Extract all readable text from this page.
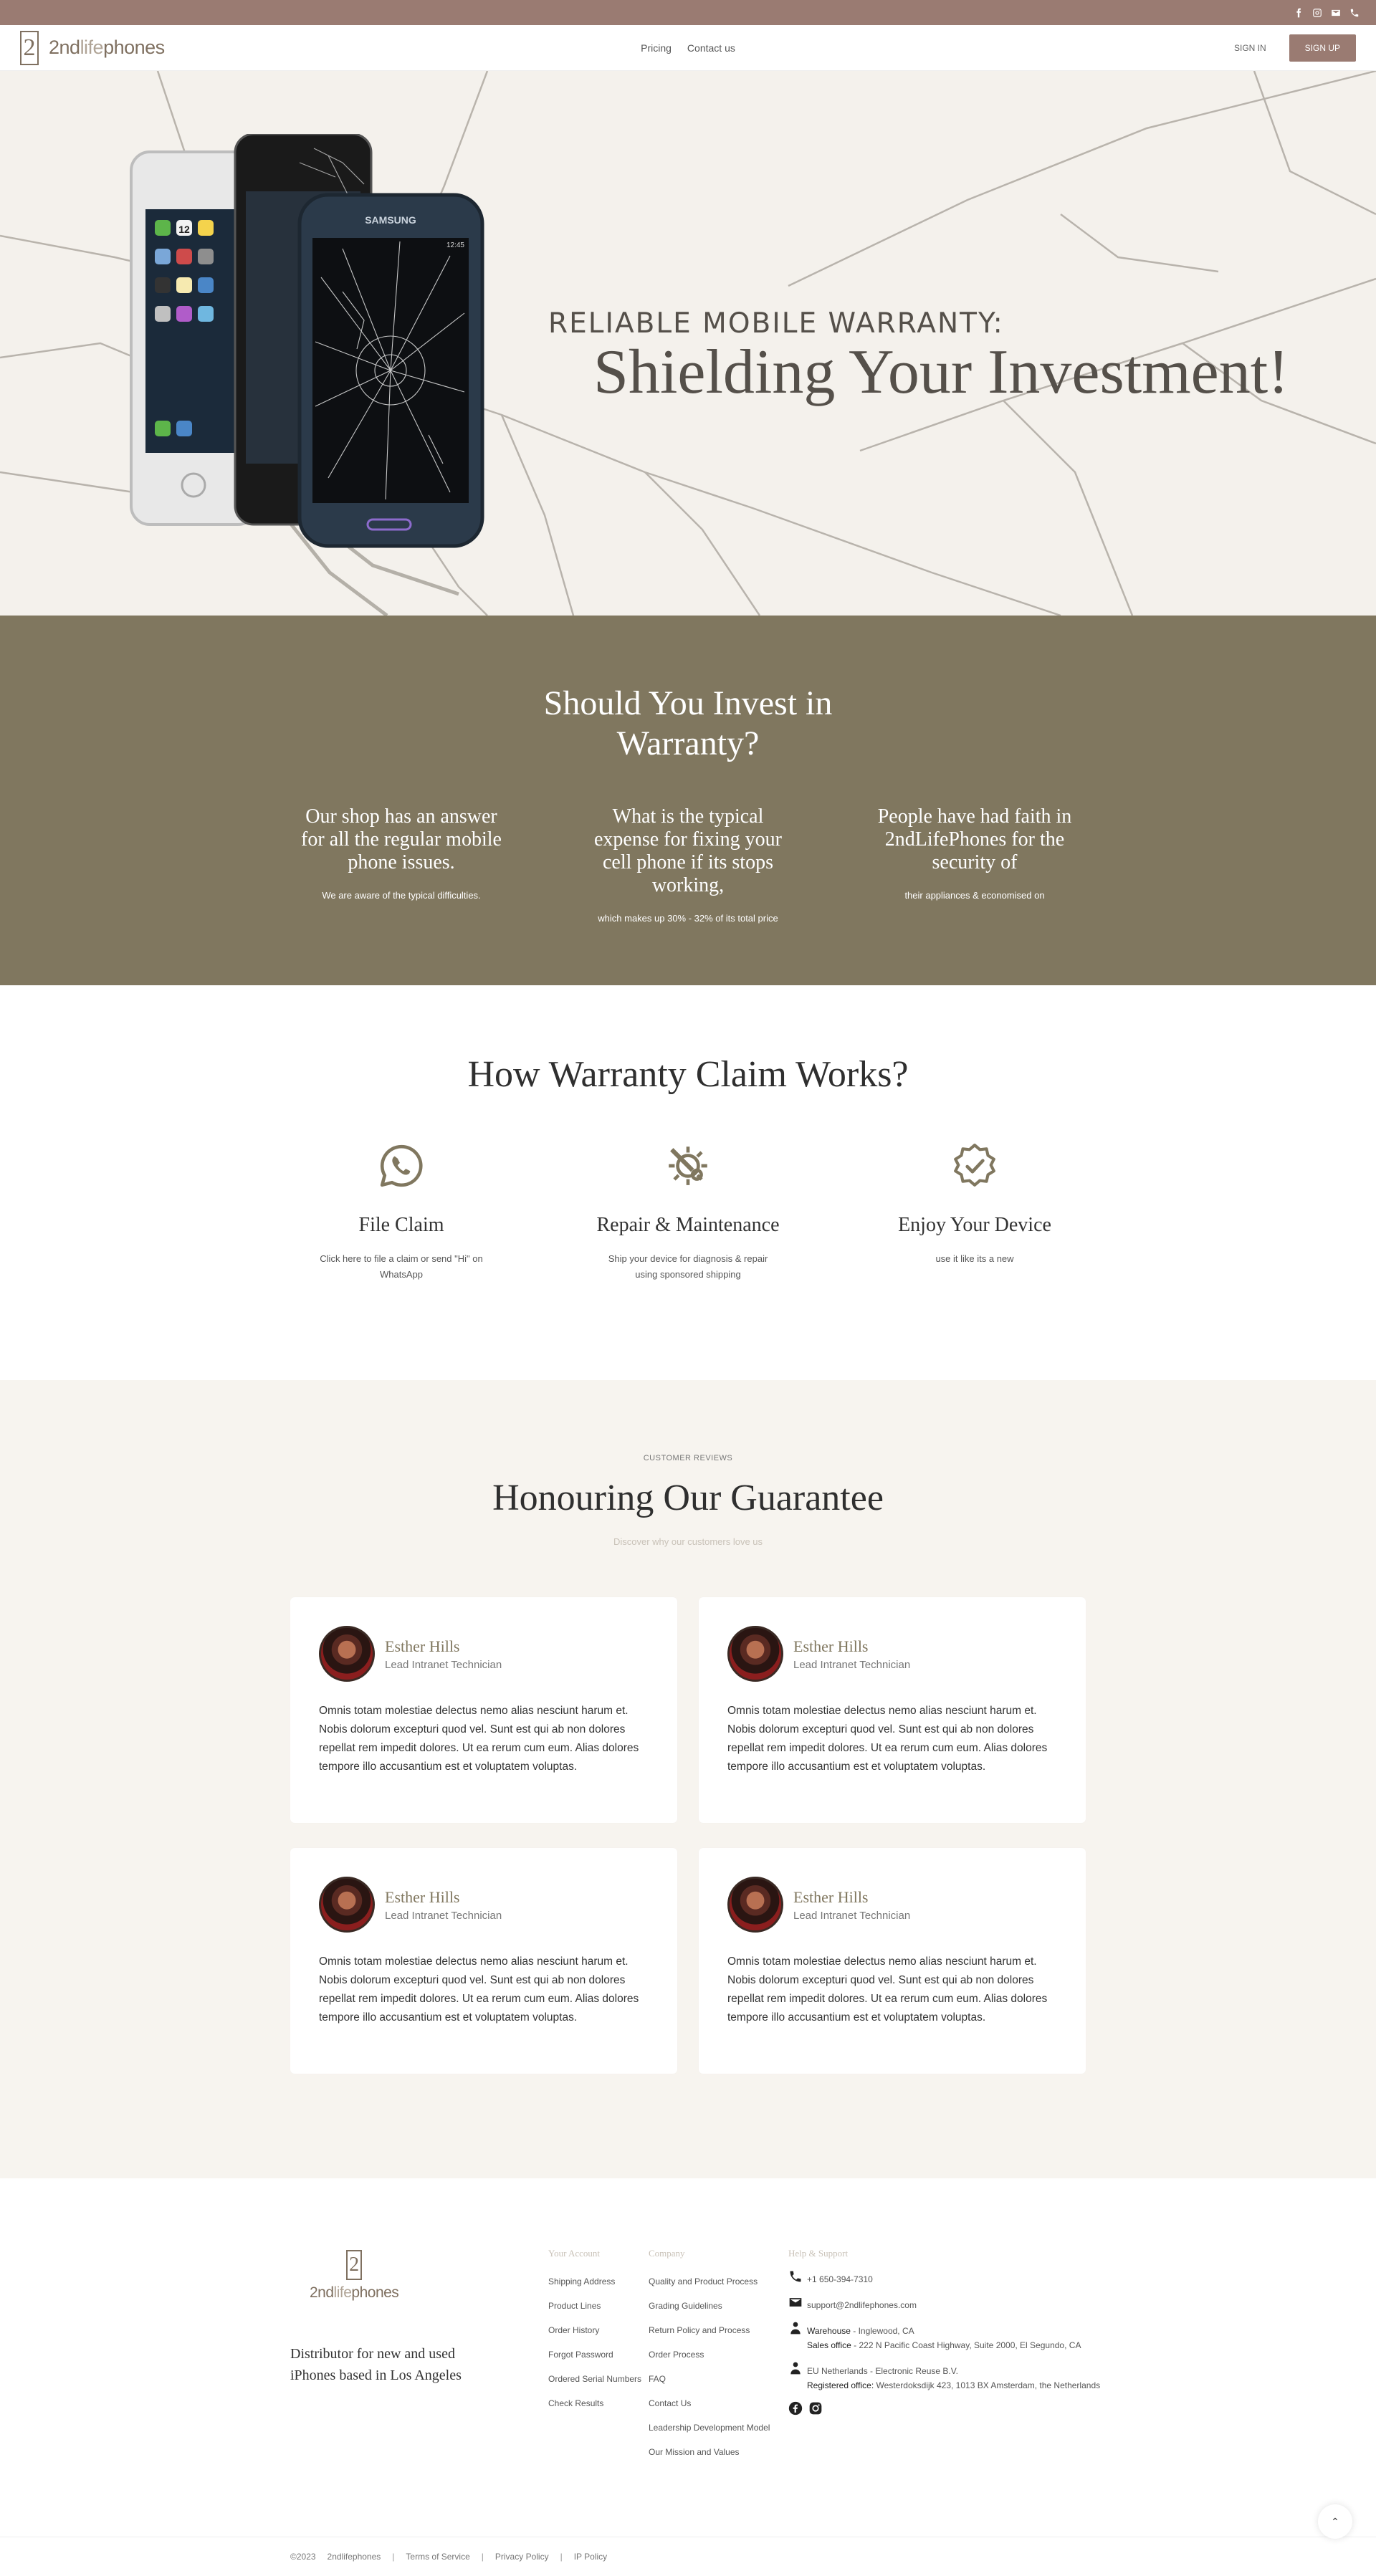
2 2ndlifephones	Pricing Contact us	SIGN IN	SIGN UP
12
SAMSUNG
12:45
RELIABLE MOBILE WARRANTY:
Shielding Your Investment!
Should You Invest in Warranty?
Our shop has an answer for all the regular mobile phone issues.

We are aware of the typical difficulties.

What is the typical expense for fixing your cell phone if its stops working,

which makes up 30% - 32% of its total price

People have had faith in 2ndLifePhones for the security of

their appliances & economised on

How Warranty Claim Works?
File Claim

Click here to file a claim or send "Hi" on WhatsApp

Repair & Maintenance

Ship your device for diagnosis & repair using sponsored shipping

Enjoy Your Device

use it like its a new

CUSTOMER REVIEWS
Honouring Our Guarantee
Discover why our customers love us
Esther Hills
Lead Intranet Technician

Omnis totam molestiae delectus nemo alias nesciunt harum et. Nobis dolorum excepturi quod vel. Sunt est qui ab non dolores repellat rem impedit dolores. Ut ea rerum cum eum. Alias dolores tempore illo accusantium est et voluptatem voluptas.

Esther Hills
Lead Intranet Technician

Omnis totam molestiae delectus nemo alias nesciunt harum et. Nobis dolorum excepturi quod vel. Sunt est qui ab non dolores repellat rem impedit dolores. Ut ea rerum cum eum. Alias dolores tempore illo accusantium est et voluptatem voluptas.

Esther Hills
Lead Intranet Technician

Omnis totam molestiae delectus nemo alias nesciunt harum et. Nobis dolorum excepturi quod vel. Sunt est qui ab non dolores repellat rem impedit dolores. Ut ea rerum cum eum. Alias dolores tempore illo accusantium est et voluptatem voluptas.

Esther Hills
Lead Intranet Technician

Omnis totam molestiae delectus nemo alias nesciunt harum et. Nobis dolorum excepturi quod vel. Sunt est qui ab non dolores repellat rem impedit dolores. Ut ea rerum cum eum. Alias dolores tempore illo accusantium est et voluptatem voluptas.

2
2ndlifephones

Distributor for new and used iPhones based in Los Angeles

Your Account
Shipping Address
Product Lines
Order History
Forgot Password
Ordered Serial Numbers
Check Results
Company
Quality and Product Process
Grading Guidelines
Return Policy and Process
Order Process
FAQ
Contact Us
Leadership Development Model
Our Mission and Values
Help & Support
+1 650-394-7310
support@2ndlifephones.com
Warehouse - Inglewood, CA
Sales office - 222 N Pacific Coast Highway, Suite 2000, El Segundo, CA
EU Netherlands - Electronic Reuse B.V.
Registered office: Westerdoksdijk 423, 1013 BX Amsterdam, the Netherlands
©2023 2ndlifephones | Terms of Service | Privacy Policy | IP Policy
⌃
